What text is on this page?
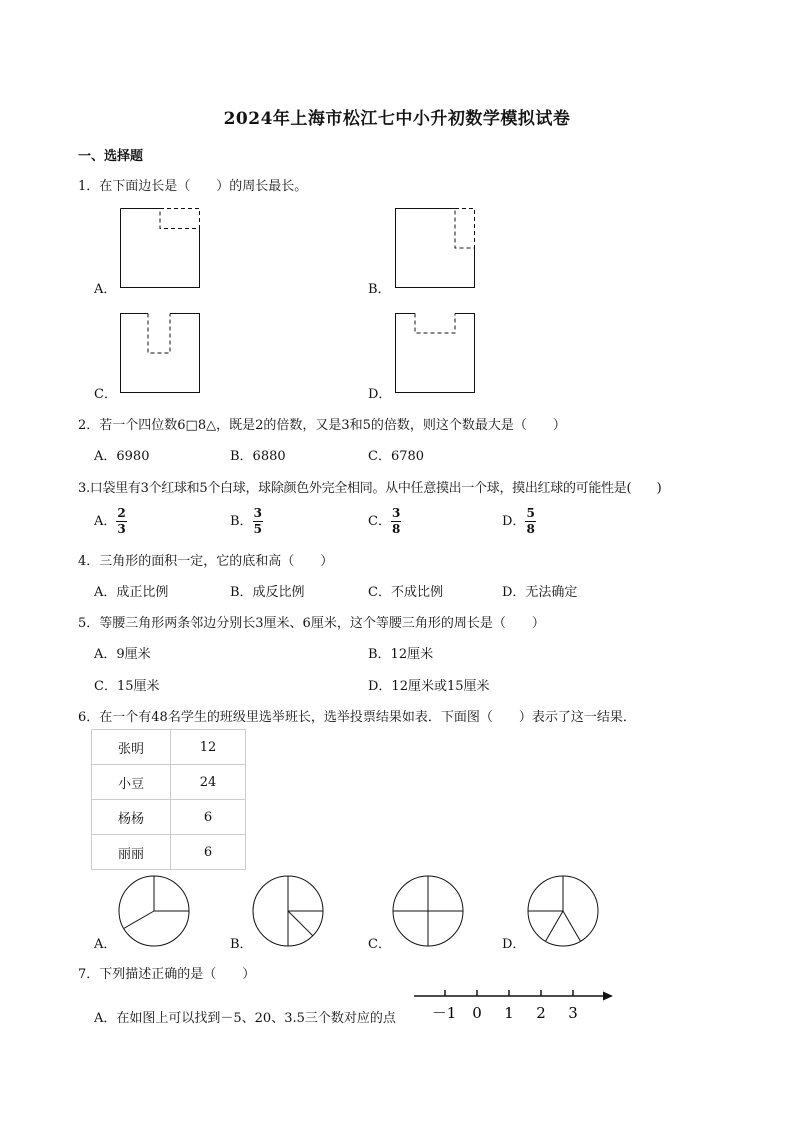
2024年上海市松江七中小升初数学模拟试卷
一、选择题
1．在下面边长是（　　）的周长最长。
A．	B．
C．	D．
2．若一个四位数6□8△，既是2的倍数，又是3和5的倍数，则这个数最大是（　　）
A．6980	B．6880	C．6780
3.口袋里有3个红球和5个白球，球除颜色外完全相同。从中任意摸出一个球，摸出红球的可能性是(　　)
A． $\frac{2}{3}$	B． $\frac{3}{5}$	C． $\frac{3}{8}$	D． $\frac{5}{8}$
4．三角形的面积一定，它的底和高（　　）
A．成正比例	B．成反比例	C．不成比例	D．无法确定
5．等腰三角形两条邻边分别长3厘米、6厘米，这个等腰三角形的周长是（　　）
A．9厘米	B．12厘米
C．15厘米	D．12厘米或15厘米
6．在一个有48名学生的班级里选举班长，选举投票结果如表．下面图（　　）表示了这一结果．
张明	12
小豆	24
杨杨	6
丽丽	6
A．	B．	C．	D．
7．下列描述正确的是（　　）
A．在如图上可以找到－5、20、3.5三个数对应的点 －1 0 1 2 3
